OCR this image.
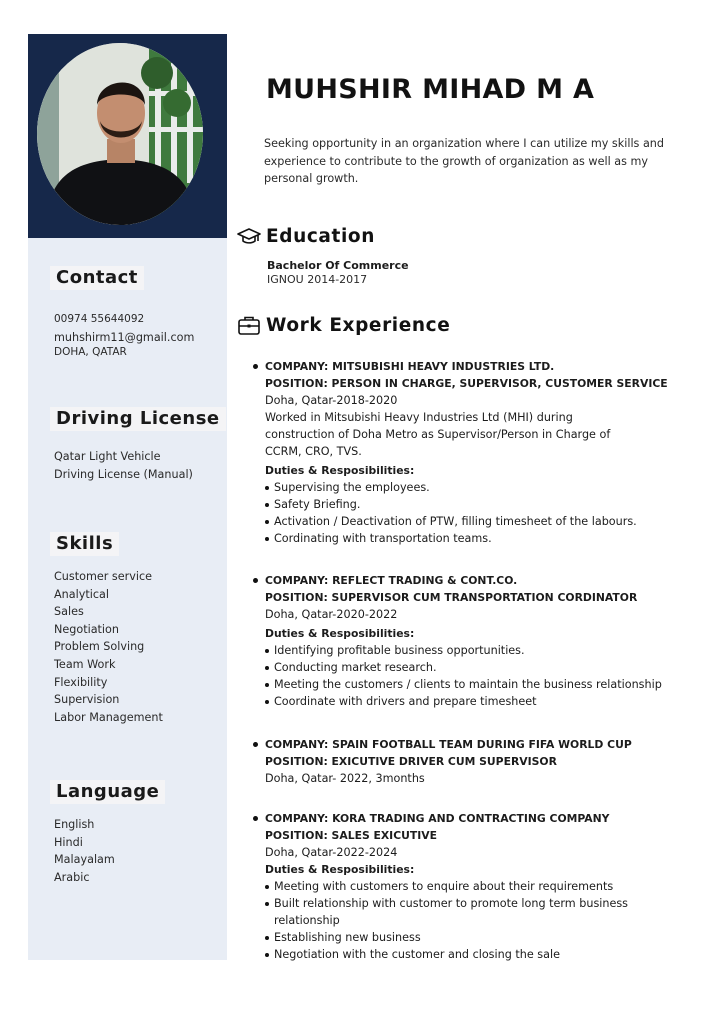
Contact
00974 55644092
muhshirm11@gmail.com
DOHA, QATAR
Driving License
Qatar Light Vehicle
Driving License (Manual)
Skills
Customer service
Analytical
Sales
Negotiation
Problem Solving
Team Work
Flexibility
Supervision
Labor Management
Language
English
Hindi
Malayalam
Arabic
MUHSHIR MIHAD M A
Seeking opportunity in an organization where I can utilize my skills and experience to contribute to the growth of organization as well as my personal growth.
Education
Bachelor Of Commerce
IGNOU 2014-2017
Work Experience
COMPANY: MITSUBISHI HEAVY INDUSTRIES LTD.
POSITION: PERSON IN CHARGE, SUPERVISOR, CUSTOMER SERVICE
Doha, Qatar-2018-2020
Worked in Mitsubishi Heavy Industries Ltd (MHI) during construction of Doha Metro as Supervisor/Person in Charge of CCRM, CRO, TVS.
Duties & Resposibilities:
Supervising the employees.
Safety Briefing.
Activation / Deactivation of PTW, filling timesheet of the labours.
Cordinating with transportation teams.
COMPANY: REFLECT TRADING & CONT.CO.
POSITION: SUPERVISOR CUM TRANSPORTATION CORDINATOR
Doha, Qatar-2020-2022
Duties & Resposibilities:
Identifying profitable business opportunities.
Conducting market research.
Meeting the customers / clients to maintain the business relationship
Coordinate with drivers and prepare timesheet
COMPANY: SPAIN FOOTBALL TEAM DURING FIFA WORLD CUP
POSITION: EXICUTIVE DRIVER CUM SUPERVISOR
Doha, Qatar- 2022, 3months
COMPANY: KORA TRADING AND CONTRACTING COMPANY
POSITION: SALES EXICUTIVE
Doha, Qatar-2022-2024
Duties & Resposibilities:
Meeting with customers to enquire about their requirements
Built relationship with customer to promote long term business relationship
Establishing new business
Negotiation with the customer and closing the sale
